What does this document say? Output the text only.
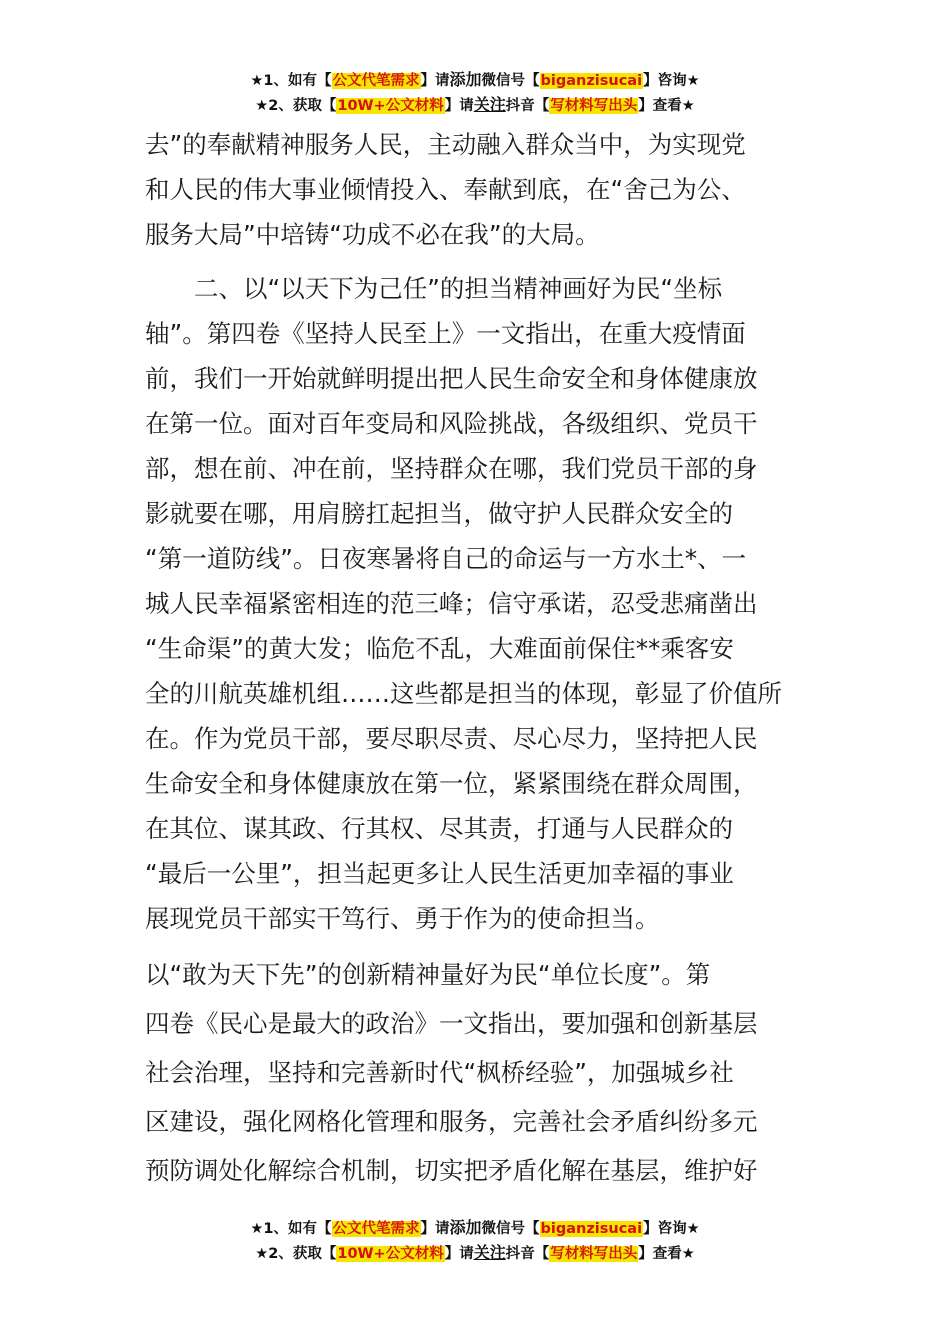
★1、如有【公文代笔需求】请添加微信号【biganzisucai】咨询★
★2、获取【10W+公文材料】请关注抖音【写材料写出头】查看★
去”的奉献精神服务人民，主动融入群众当中，为实现党
和人民的伟大事业倾情投入、奉献到底，在“舍己为公、
服务大局”中培铸“功成不必在我”的大局。
二、以“以天下为己任”的担当精神画好为民“坐标
轴”。第四卷《坚持人民至上》一文指出，在重大疫情面
前，我们一开始就鲜明提出把人民生命安全和身体健康放
在第一位。面对百年变局和风险挑战，各级组织、党员干
部，想在前、冲在前，坚持群众在哪，我们党员干部的身
影就要在哪，用肩膀扛起担当，做守护人民群众安全的
“第一道防线”。日夜寒暑将自己的命运与一方水土*、一
城人民幸福紧密相连的范三峰；信守承诺，忍受悲痛凿出
“生命渠”的黄大发；临危不乱，大难面前保住**乘客安
全的川航英雄机组……这些都是担当的体现，彰显了价值所
在。作为党员干部，要尽职尽责、尽心尽力，坚持把人民
生命安全和身体健康放在第一位，紧紧围绕在群众周围，
在其位、谋其政、行其权、尽其责，打通与人民群众的
“最后一公里”，担当起更多让人民生活更加幸福的事业
展现党员干部实干笃行、勇于作为的使命担当。
以“敢为天下先”的创新精神量好为民“单位长度”。第
四卷《民心是最大的政治》一文指出，要加强和创新基层
社会治理，坚持和完善新时代“枫桥经验”，加强城乡社
区建设，强化网格化管理和服务，完善社会矛盾纠纷多元
预防调处化解综合机制，切实把矛盾化解在基层，维护好
★1、如有【公文代笔需求】请添加微信号【biganzisucai】咨询★
★2、获取【10W+公文材料】请关注抖音【写材料写出头】查看★
